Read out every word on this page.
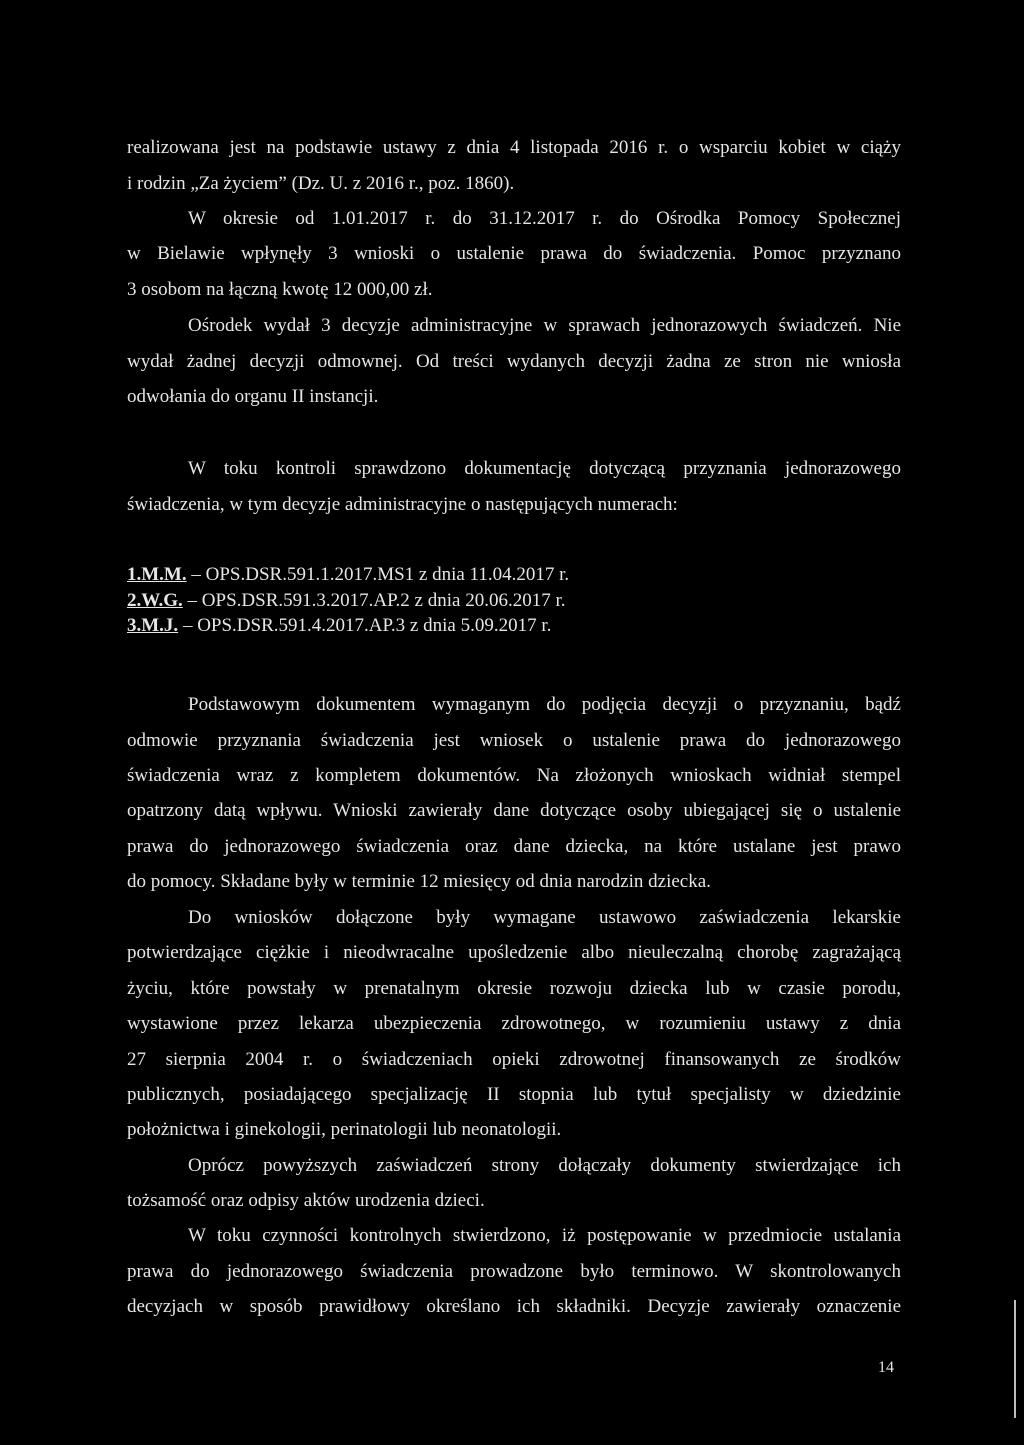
realizowana jest na podstawie ustawy z dnia 4 listopada 2016 r. o wsparciu kobiet w ciąży
i rodzin „Za życiem” (Dz. U. z 2016 r., poz. 1860).
W okresie od 1.01.2017 r. do 31.12.2017 r. do Ośrodka Pomocy Społecznej
w Bielawie wpłynęły 3 wnioski o ustalenie prawa do świadczenia. Pomoc przyznano
3 osobom na łączną kwotę 12 000,00 zł.
Ośrodek wydał 3 decyzje administracyjne w sprawach jednorazowych świadczeń. Nie
wydał żadnej decyzji odmownej. Od treści wydanych decyzji żadna ze stron nie wniosła
odwołania do organu II instancji.
W toku kontroli sprawdzono dokumentację dotyczącą przyznania jednorazowego
świadczenia, w tym decyzje administracyjne o następujących numerach:
1.M.M. – OPS.DSR.591.1.2017.MS1 z dnia 11.04.2017 r.
2.W.G. – OPS.DSR.591.3.2017.AP.2 z dnia 20.06.2017 r.
3.M.J. – OPS.DSR.591.4.2017.AP.3 z dnia 5.09.2017 r.
Podstawowym dokumentem wymaganym do podjęcia decyzji o przyznaniu, bądź
odmowie przyznania świadczenia jest wniosek o ustalenie prawa do jednorazowego
świadczenia wraz z kompletem dokumentów. Na złożonych wnioskach widniał stempel
opatrzony datą wpływu. Wnioski zawierały dane dotyczące osoby ubiegającej się o ustalenie
prawa do jednorazowego świadczenia oraz dane dziecka, na które ustalane jest prawo
do pomocy. Składane były w terminie 12 miesięcy od dnia narodzin dziecka.
Do wniosków dołączone były wymagane ustawowo zaświadczenia lekarskie
potwierdzające ciężkie i nieodwracalne upośledzenie albo nieuleczalną chorobę zagrażającą
życiu, które powstały w prenatalnym okresie rozwoju dziecka lub w czasie porodu,
wystawione przez lekarza ubezpieczenia zdrowotnego, w rozumieniu ustawy z dnia
27 sierpnia 2004 r. o świadczeniach opieki zdrowotnej finansowanych ze środków
publicznych, posiadającego specjalizację II stopnia lub tytuł specjalisty w dziedzinie
położnictwa i ginekologii, perinatologii lub neonatologii.
Oprócz powyższych zaświadczeń strony dołączały dokumenty stwierdzające ich
tożsamość oraz odpisy aktów urodzenia dzieci.
W toku czynności kontrolnych stwierdzono, iż postępowanie w przedmiocie ustalania
prawa do jednorazowego świadczenia prowadzone było terminowo. W skontrolowanych
decyzjach w sposób prawidłowy określano ich składniki. Decyzje zawierały oznaczenie
14
